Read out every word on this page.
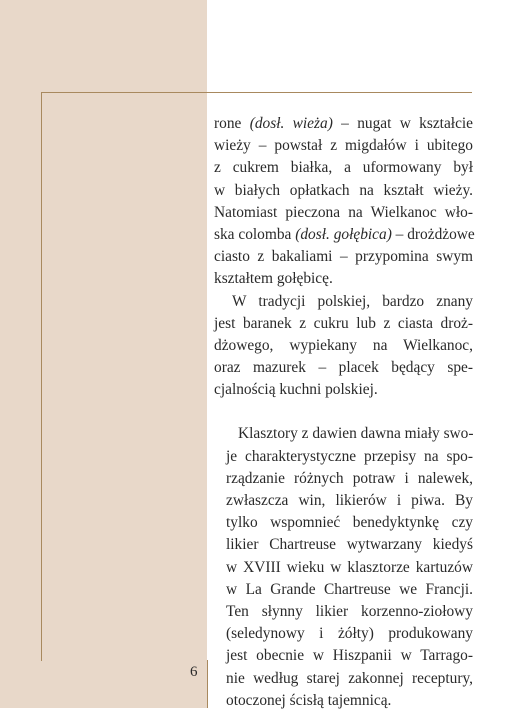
rone (dosł. wieża) – nugat w kształcie
wieży – powstał z migdałów i ubitego
z cukrem białka, a uformowany był
w białych opłatkach na kształt wieży.
Natomiast pieczona na Wielkanoc wło-
ska colomba (dosł. gołębica) – drożdżowe
ciasto z bakaliami – przypomina swym
kształtem gołębicę.
W tradycji polskiej, bardzo znany
jest baranek z cukru lub z ciasta droż-
dżowego, wypiekany na Wielkanoc,
oraz mazurek – placek będący spe-
cjalnością kuchni polskiej.
Klasztory z dawien dawna miały swo-
je charakterystyczne przepisy na spo-
rządzanie różnych potraw i nalewek,
zwłaszcza win, likierów i piwa. By
tylko wspomnieć benedyktynkę czy
likier Chartreuse wytwarzany kiedyś
w XVIII wieku w klasztorze kartuzów
w La Grande Chartreuse we Francji.
Ten słynny likier korzenno-ziołowy
(seledynowy i żółty) produkowany
jest obecnie w Hiszpanii w Tarrago-
nie według starej zakonnej receptury,
otoczonej ścisłą tajemnicą.
6
